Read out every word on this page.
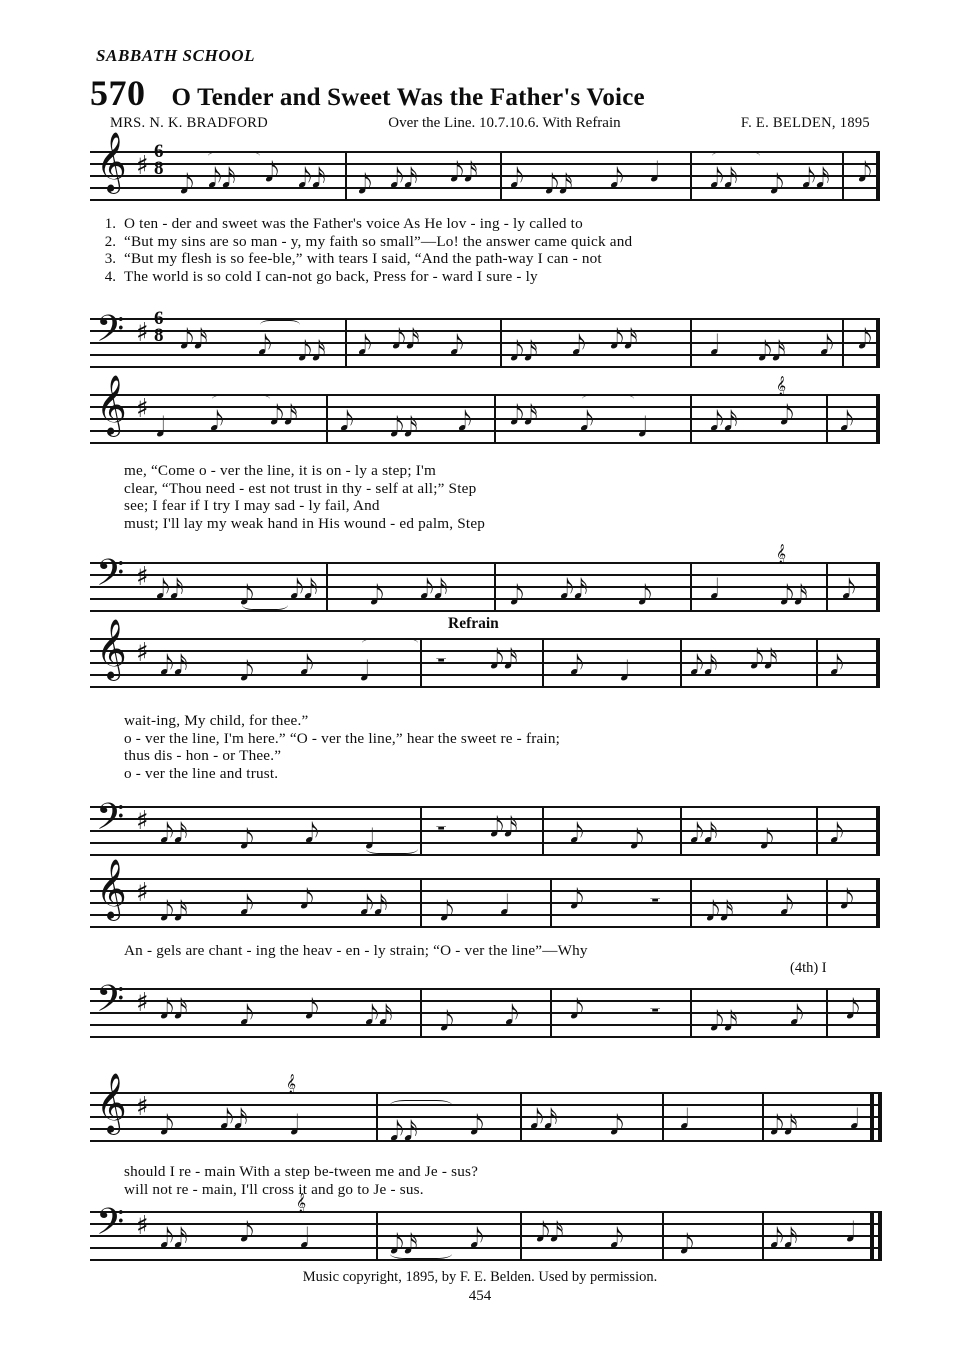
SABBATH SCHOOL
570 O Tender and Sweet Was the Father's Voice
MRS. N. K. BRADFORD	Over the Line. 10.7.10.6. With Refrain	F. E. BELDEN, 1895
𝄞 ♯ 6
8
𝅘𝅥𝅮 𝅘𝅥𝅮𝅘𝅥𝅯 𝅘𝅥𝅮 𝅘𝅥𝅮𝅘𝅥𝅯 𝅘𝅥𝅮 𝅘𝅥𝅮𝅘𝅥𝅯 𝅘𝅥𝅮𝅘𝅥𝅯 𝅘𝅥𝅮 𝅘𝅥𝅮𝅘𝅥𝅯 𝅘𝅥𝅮 𝅘𝅥 𝅘𝅥𝅮𝅘𝅥𝅯 𝅘𝅥𝅮 𝅘𝅥𝅮𝅘𝅥𝅯 𝅘𝅥𝅮
1. O ten - der and sweet was the Father's voice As He lov - ing - ly called to
2. “But my sins are so man - y, my faith so small”—Lo! the answer came quick and
3. “But my flesh is so fee-ble,” with tears I said, “And the path-way I can - not
4. The world is so cold I can-not go back, Press for - ward I sure - ly
𝄢 ♯ 6
8 𝅘𝅥𝅮𝅘𝅥𝅯 𝅘𝅥𝅮 𝅘𝅥𝅮𝅘𝅥𝅯 𝅘𝅥𝅮 𝅘𝅥𝅮𝅘𝅥𝅯 𝅘𝅥𝅮 𝅘𝅥𝅮𝅘𝅥𝅯 𝅘𝅥𝅮 𝅘𝅥𝅮𝅘𝅥𝅯	𝅘𝅥 𝅘𝅥𝅮𝅘𝅥𝅯 𝅘𝅥𝅮 𝅘𝅥𝅮
𝄞 ♯
𝅘𝅥 𝅘𝅥𝅮 𝅘𝅥𝅮𝅘𝅥𝅯 𝅘𝅥𝅮 𝅘𝅥𝅮𝅘𝅥𝅯 𝅘𝅥𝅮 𝅘𝅥𝅮𝅘𝅥𝅯 𝅘𝅥𝅮 𝅘𝅥 𝅘𝅥𝅮𝅘𝅥𝅯 𝅘𝅥𝅮 𝅘𝅥𝅮
𝄞
me, “Come o - ver the line, it is on - ly a step; I'm
clear, “Thou need - est not trust in thy - self at all;” Step
see; I fear if I try I may sad - ly fail, And
must; I'll lay my weak hand in His wound - ed palm, Step
𝄢 ♯ 𝅘𝅥𝅮𝅘𝅥𝅯 𝅘𝅥𝅮 𝅘𝅥𝅮𝅘𝅥𝅯 𝅘𝅥𝅮 𝅘𝅥𝅮𝅘𝅥𝅯 𝅘𝅥𝅮 𝅘𝅥𝅮𝅘𝅥𝅯 𝅘𝅥𝅮 𝅘𝅥 𝅘𝅥𝅮𝅘𝅥𝅯 𝅘𝅥𝅮
𝄞
Refrain
𝄞 ♯ 𝅘𝅥𝅮𝅘𝅥𝅯 𝅘𝅥𝅮 𝅘𝅥𝅮 𝅘𝅥 𝄻 𝅘𝅥𝅮𝅘𝅥𝅯 𝅘𝅥𝅮 𝅘𝅥 𝅘𝅥𝅮𝅘𝅥𝅯 𝅘𝅥𝅮𝅘𝅥𝅯 𝅘𝅥𝅮
wait-ing, My child, for thee.”
o - ver the line, I'm here.” “O - ver the line,” hear the sweet re - frain;
thus dis - hon - or Thee.”
o - ver the line and trust.
𝄢 ♯ 𝅘𝅥𝅮𝅘𝅥𝅯 𝅘𝅥𝅮 𝅘𝅥𝅮 𝅘𝅥 𝄻 𝅘𝅥𝅮𝅘𝅥𝅯 𝅘𝅥𝅮 𝅘𝅥𝅮 𝅘𝅥𝅮𝅘𝅥𝅯 𝅘𝅥𝅮 𝅘𝅥𝅮
𝄞 ♯
𝅘𝅥𝅮𝅘𝅥𝅯 𝅘𝅥𝅮 𝅘𝅥𝅮 𝅘𝅥𝅮𝅘𝅥𝅯 𝅘𝅥𝅮 𝅘𝅥 𝅘𝅥𝅮 𝄻 𝅘𝅥𝅮𝅘𝅥𝅯 𝅘𝅥𝅮 𝅘𝅥𝅮
An - gels are chant - ing the heav - en - ly strain; “O - ver the line”—Why
(4th) I
𝄢 ♯ 𝅘𝅥𝅮𝅘𝅥𝅯 𝅘𝅥𝅮 𝅘𝅥𝅮 𝅘𝅥𝅮𝅘𝅥𝅯 𝅘𝅥𝅮 𝅘𝅥𝅮 𝅘𝅥𝅮 𝄻 𝅘𝅥𝅮𝅘𝅥𝅯 𝅘𝅥𝅮 𝅘𝅥𝅮
𝄞 ♯
𝅘𝅥𝅮 𝅘𝅥𝅮𝅘𝅥𝅯 𝅘𝅥	𝅘𝅥𝅮𝅘𝅥𝅯 𝅘𝅥𝅮 𝅘𝅥𝅮𝅘𝅥𝅯 𝅘𝅥𝅮 𝅘𝅥	𝅘𝅥𝅮𝅘𝅥𝅯 𝅘𝅥
𝄞
should I re - main With a step be-tween me and Je - sus?
will not re - main, I'll cross it and go to Je - sus.
𝄢 ♯ 𝅘𝅥𝅮𝅘𝅥𝅯 𝅘𝅥𝅮 𝅘𝅥	𝅘𝅥𝅮𝅘𝅥𝅯 𝅘𝅥𝅮 𝅘𝅥𝅮𝅘𝅥𝅯 𝅘𝅥𝅮 𝅘𝅥𝅮	𝅘𝅥𝅮𝅘𝅥𝅯 𝅘𝅥
𝄞
Music copyright, 1895, by F. E. Belden. Used by permission.
454
